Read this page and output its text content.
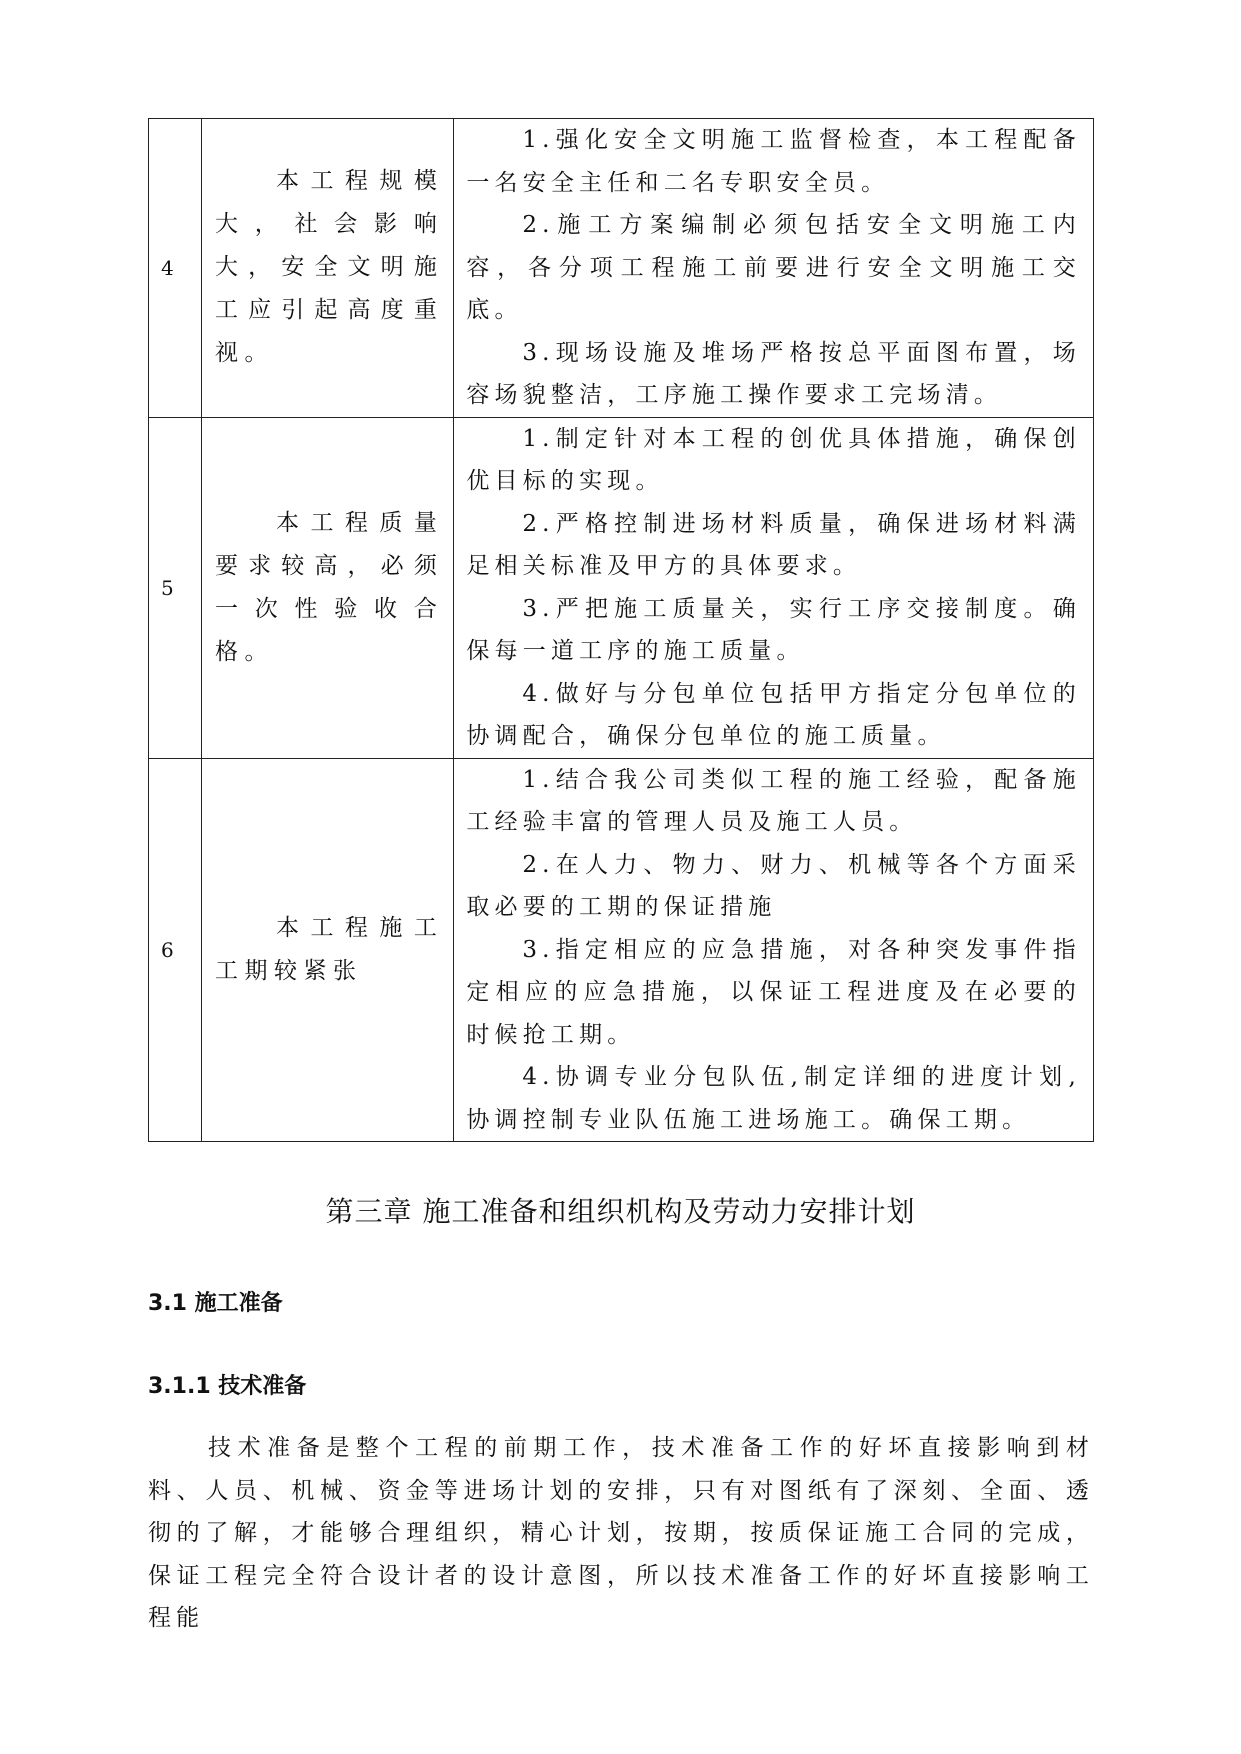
4	本工程规模大，社会影响大，安全文明施工应引起高度重视。	1.强化安全文明施工监督检查，本工程配备一名安全主任和二名专职安全员。

2.施工方案编制必须包括安全文明施工内容，各分项工程施工前要进行安全文明施工交底。

3.现场设施及堆场严格按总平面图布置，场容场貌整洁，工序施工操作要求工完场清。

5	本工程质量要求较高，必须一次性验收合格。	1.制定针对本工程的创优具体措施，确保创优目标的实现。

2.严格控制进场材料质量，确保进场材料满足相关标准及甲方的具体要求。

3.严把施工质量关，实行工序交接制度。确保每一道工序的施工质量。

4.做好与分包单位包括甲方指定分包单位的协调配合，确保分包单位的施工质量。

6	本工程施工工期较紧张	1.结合我公司类似工程的施工经验，配备施工经验丰富的管理人员及施工人员。

2.在人力、物力、财力、机械等各个方面采取必要的工期的保证措施

3.指定相应的应急措施，对各种突发事件指定相应的应急措施，以保证工程进度及在必要的时候抢工期。

4.协调专业分包队伍,制定详细的进度计划,协调控制专业队伍施工进场施工。确保工期。

第三章 施工准备和组织机构及劳动力安排计划
3.1 施工准备
3.1.1 技术准备

技术准备是整个工程的前期工作，技术准备工作的好坏直接影响到材料、人员、机械、资金等进场计划的安排，只有对图纸有了深刻、全面、透彻的了解，才能够合理组织，精心计划，按期，按质保证施工合同的完成，保证工程完全符合设计者的设计意图，所以技术准备工作的好坏直接影响工程能
